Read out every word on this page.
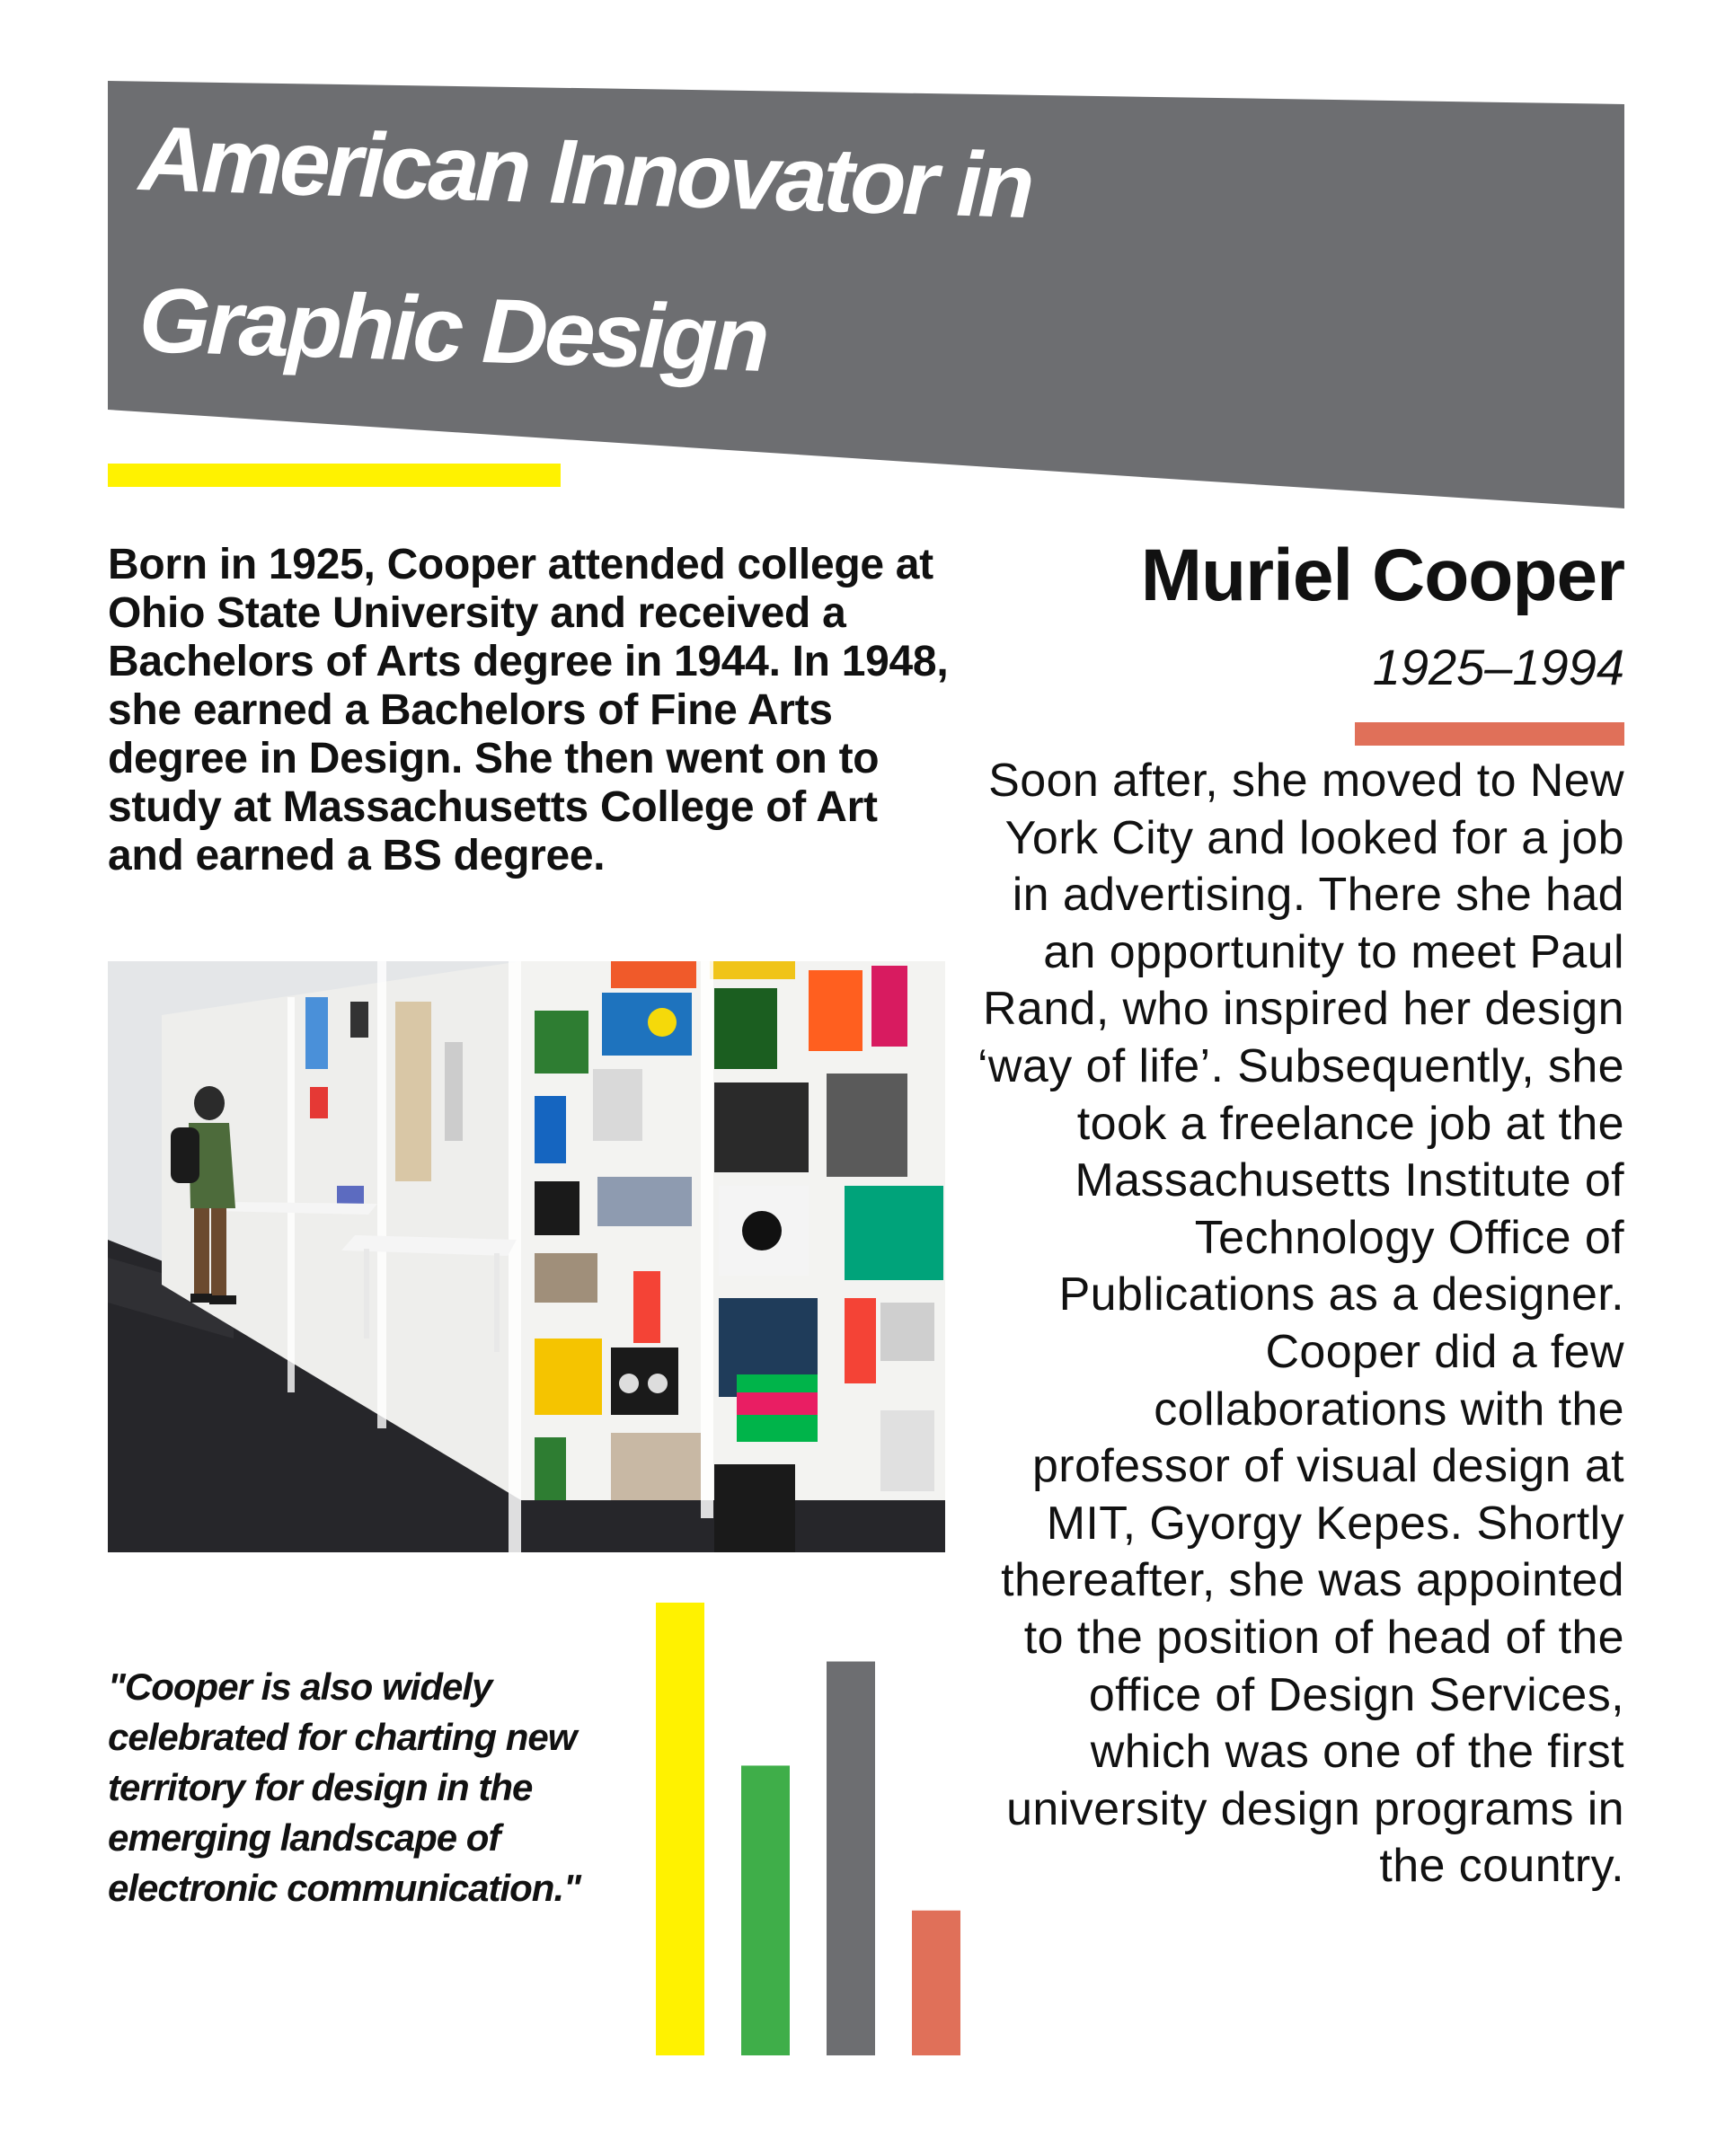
American Innovator in
Graphic Design

Born in 1925, Cooper attended college at Ohio State University and received a Bachelors of Arts degree in 1944. In 1948, she earned a Bachelors of Fine Arts degree in Design. She then went on to study at Massachusetts College of Art and earned a BS degree.

"Cooper is also widely celebrated for charting new territory for design in the emerging landscape of electronic communication."

Muriel Cooper

1925–1994

Soon after, she moved to New York City and looked for a job in advertising. There she had an opportunity to meet Paul Rand, who inspired her design ‘way of life’. Subsequently, she took a freelance job at the Massachusetts Institute of Technology Office of Publications as a designer. Cooper did a few collaborations with the professor of visual design at MIT, Gyorgy Kepes. Shortly thereafter, she was appointed to the position of head of the office of Design Services, which was one of the first university design programs in the country.
